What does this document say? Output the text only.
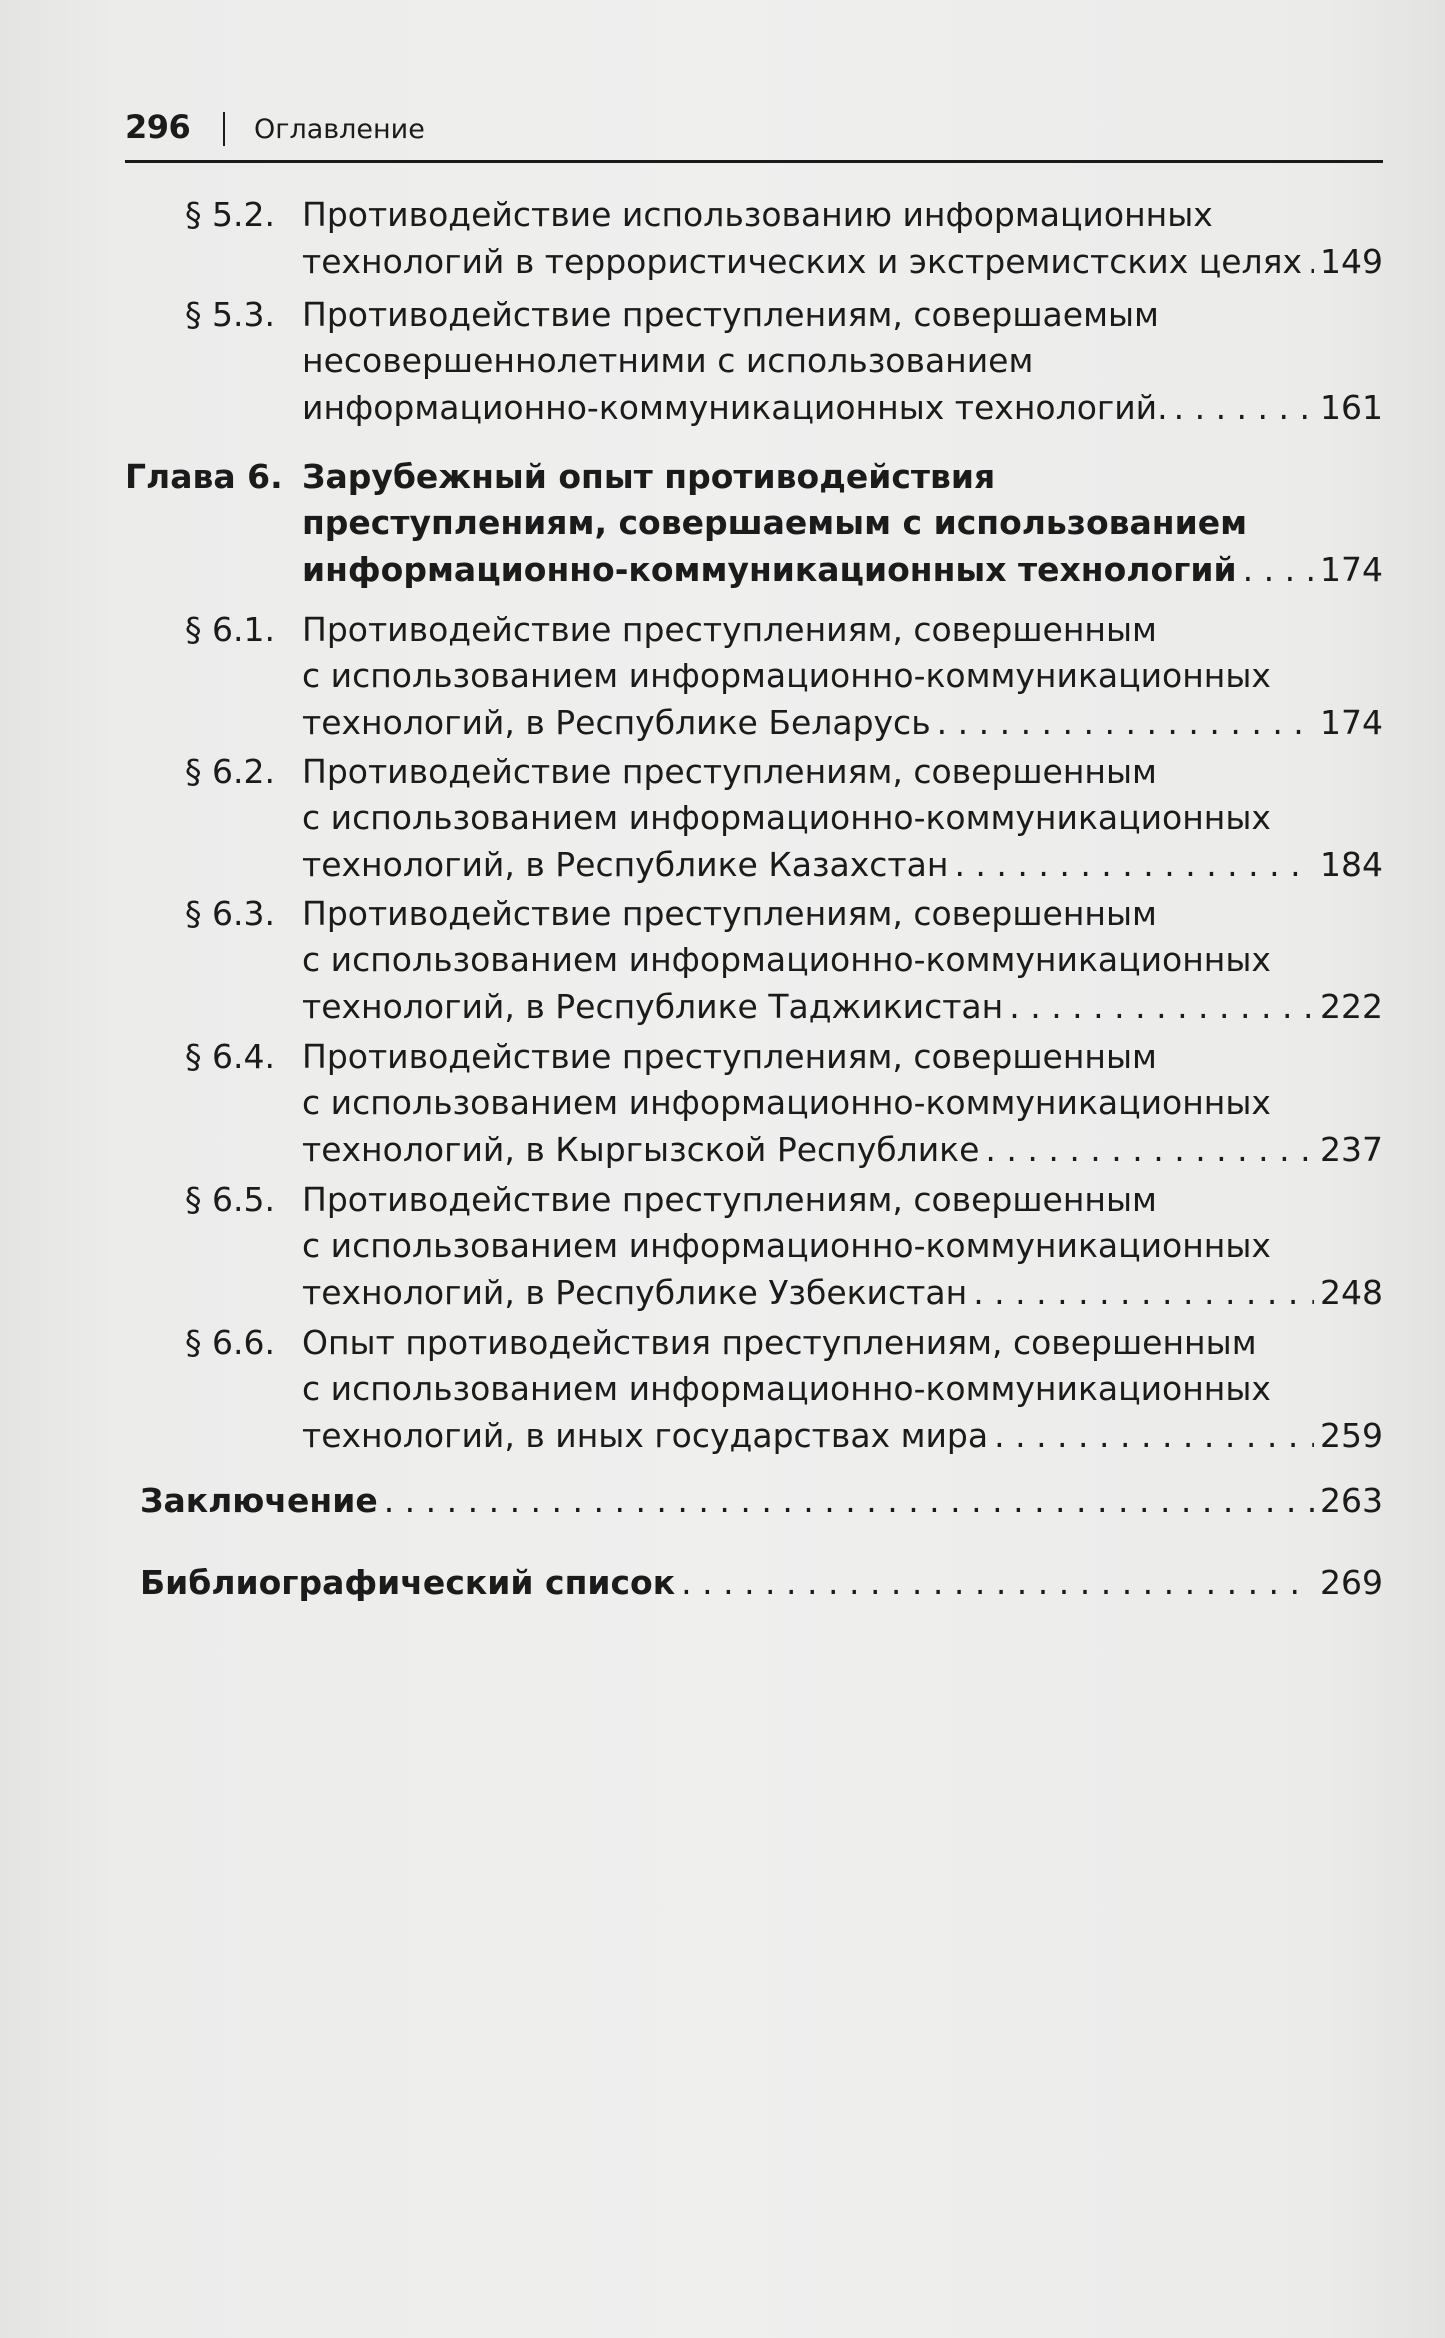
296 Оглавление
§ 5.2. Противодействие использованию информационных
технологий в террористических и экстремистских целях . . . 149
§ 5.3. Противодействие преступлениям, совершаемым
несовершеннолетними с использованием
информационно-коммуникационных технологий. . . .	161
Глава 6. Зарубежный опыт противодействия
преступлениям, совершаемым с использованием
информационно-коммуникационных технологий . . .	174
§ 6.1. Противодействие преступлениям, совершенным
с использованием информационно-коммуникационных
технологий, в Республике Беларусь . . .	174
§ 6.2. Противодействие преступлениям, совершенным
с использованием информационно-коммуникационных
технологий, в Республике Казахстан . . .	184
§ 6.3. Противодействие преступлениям, совершенным
с использованием информационно-коммуникационных
технологий, в Республике Таджикистан . . .	222
§ 6.4. Противодействие преступлениям, совершенным
с использованием информационно-коммуникационных
технологий, в Кыргызской Республике . . .	237
§ 6.5. Противодействие преступлениям, совершенным
с использованием информационно-коммуникационных
технологий, в Республике Узбекистан . . .	248
§ 6.6. Опыт противодействия преступлениям, совершенным
с использованием информационно-коммуникационных
технологий, в иных государствах мира . . .	259
Заключение . . .	263
Библиографический список . . .	269
